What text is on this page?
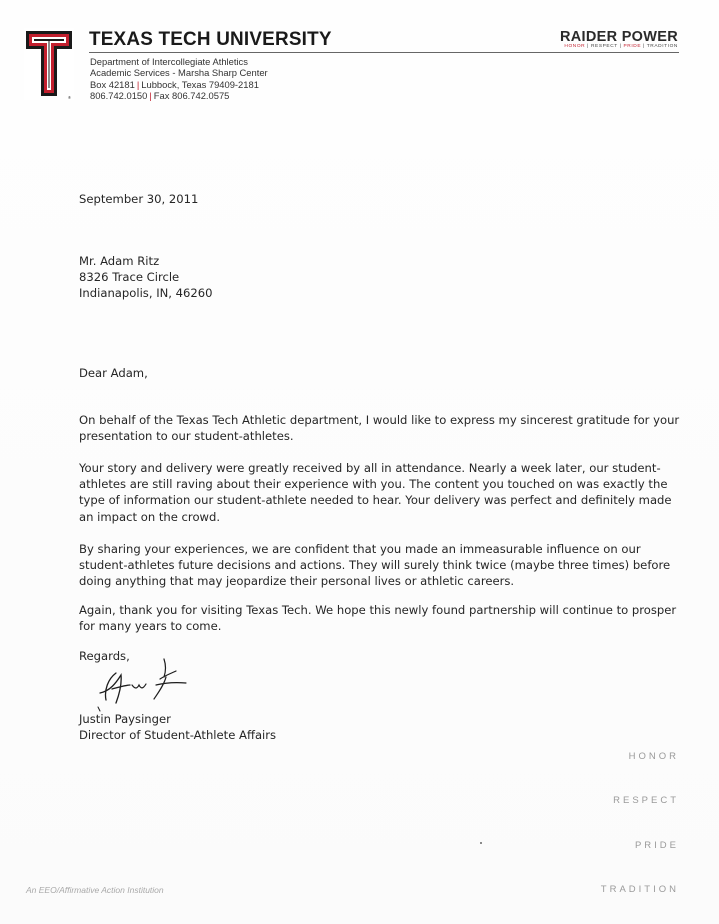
®
TEXAS TECH UNIVERSITY
Department of Intercollegiate Athletics
Academic Services - Marsha Sharp Center
Box 42181 | Lubbock, Texas 79409-2181
806.742.0150 | Fax 806.742.0575
RAIDER POWER
HONOR | RESPECT | PRIDE | TRADITION
September 30, 2011
Mr. Adam Ritz
8326 Trace Circle
Indianapolis, IN, 46260
Dear Adam,
On behalf of the Texas Tech Athletic department, I would like to express my sincerest gratitude for your
presentation to our student-athletes.
Your story and delivery were greatly received by all in attendance. Nearly a week later, our student-
athletes are still raving about their experience with you. The content you touched on was exactly the
type of information our student-athlete needed to hear. Your delivery was perfect and definitely made
an impact on the crowd.
By sharing your experiences, we are confident that you made an immeasurable influence on our
student-athletes future decisions and actions. They will surely think twice (maybe three times) before
doing anything that may jeopardize their personal lives or athletic careers.
Again, thank you for visiting Texas Tech. We hope this newly found partnership will continue to prosper
for many years to come.
Regards,
Justin Paysinger
Director of Student-Athlete Affairs
HONOR
RESPECT
PRIDE
TRADITION
An EEO/Affirmative Action Institution
